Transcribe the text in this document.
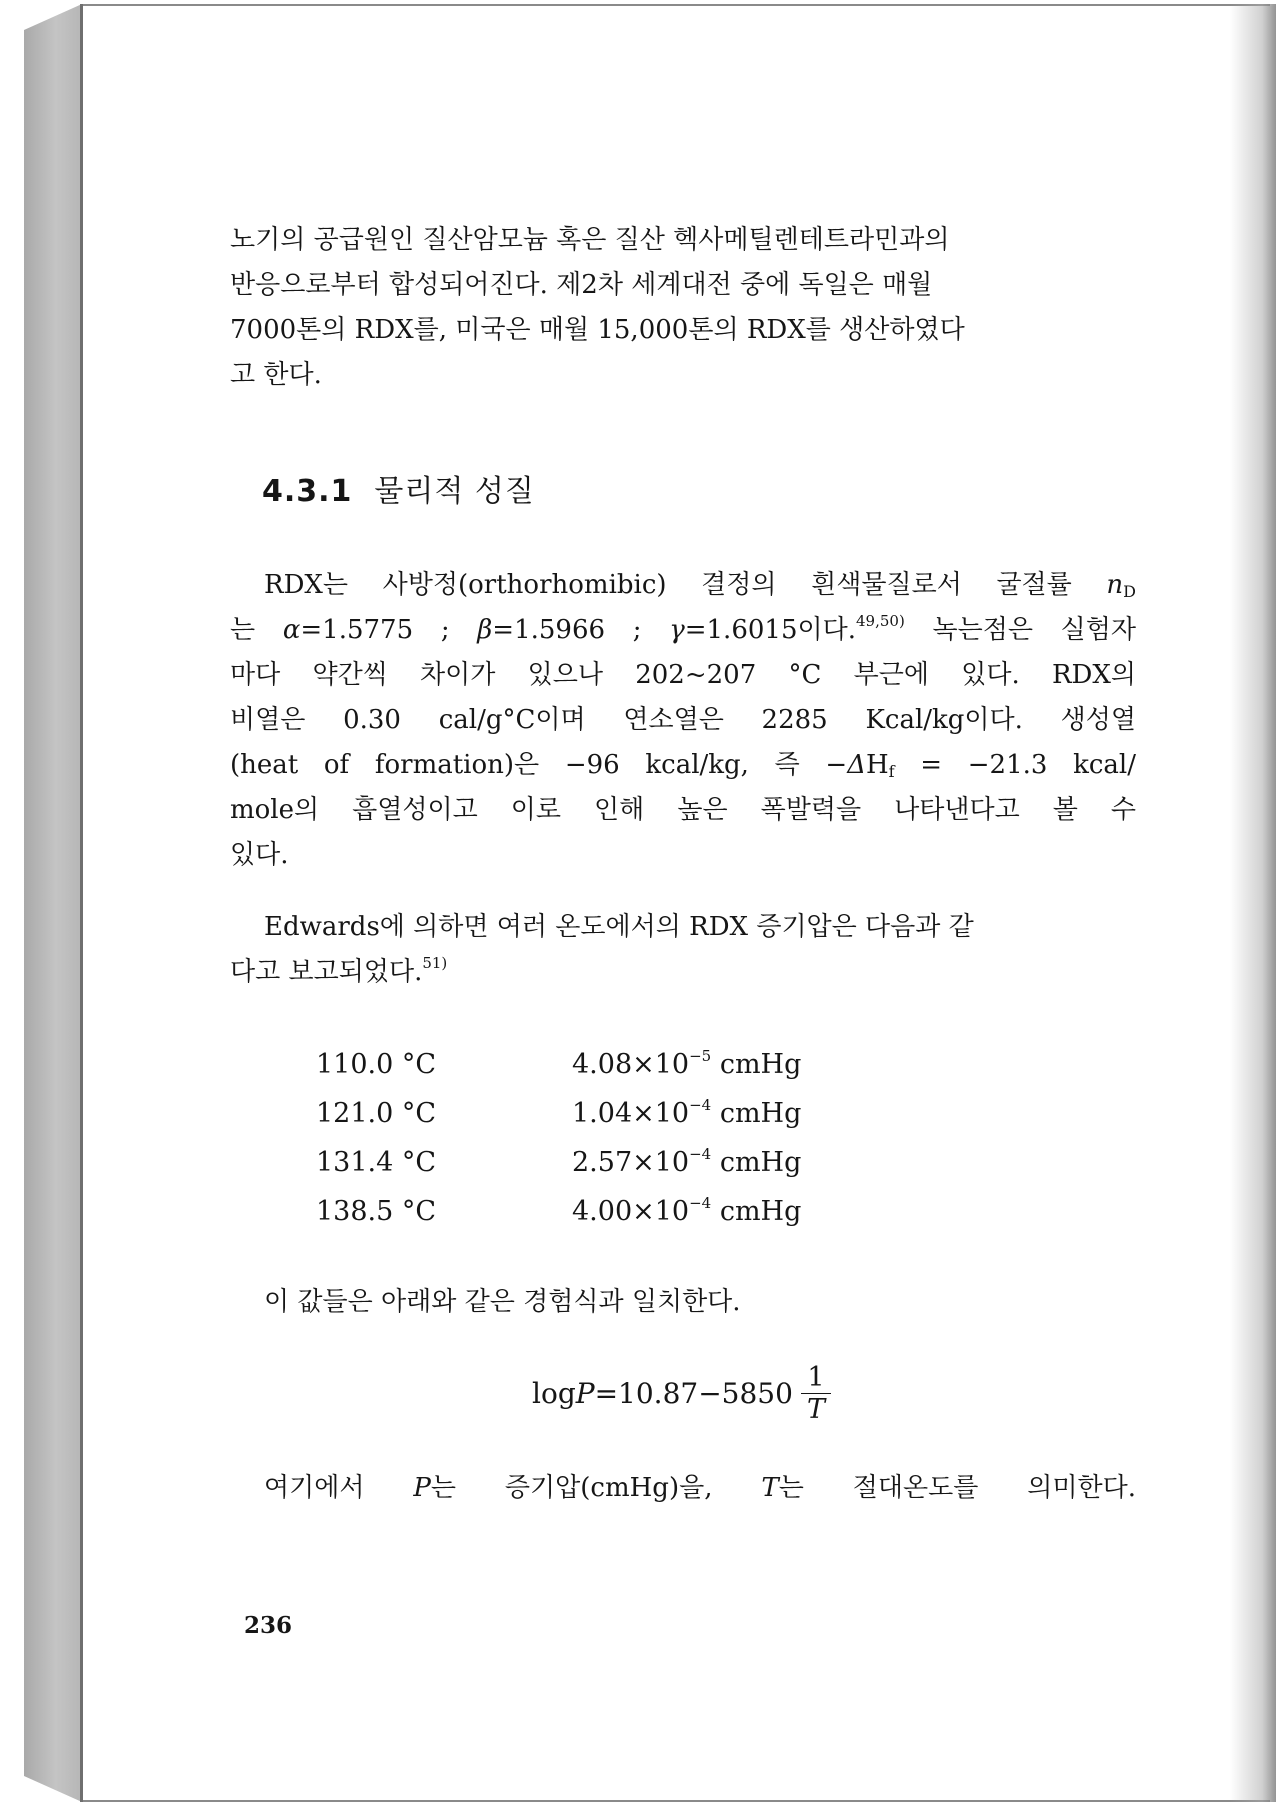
노기의 공급원인 질산암모늄 혹은 질산 헥사메틸렌테트라민과의
반응으로부터 합성되어진다. 제2차 세계대전 중에 독일은 매월
7000톤의 RDX를, 미국은 매월 15,000톤의 RDX를 생산하였다
고 한다.

4.3.1 물리적 성질

RDX는 사방정(orthorhomibic) 결정의 흰색물질로서 굴절률 $n_D$
는 α=1.5775 ; β=1.5966 ; γ=1.6015이다.$^{49,50)}$ 녹는점은 실험자
마다 약간씩 차이가 있으나 202~207 °C 부근에 있다. RDX의
비열은 0.30 cal/g°C이며 연소열은 2285 Kcal/kg이다. 생성열
(heat of formation)은 −96 kcal/kg, 즉 $-\Delta H_f = -21.3$ kcal/
mole의 흡열성이고 이로 인해 높은 폭발력을 나타낸다고 볼 수
있다.

Edwards에 의하면 여러 온도에서의 RDX 증기압은 다음과 같
다고 보고되었다.$^{51)}$

110.0 °C	$4.08\times 10^{-5}$ cmHg
121.0 °C	$1.04\times 10^{-4}$ cmHg
131.4 °C	$2.57\times 10^{-4}$ cmHg
138.5 °C	$4.00\times 10^{-4}$ cmHg

이 값들은 아래와 같은 경험식과 일치한다.

$\log P =10.87-5850 \frac{1}{T}$

여기에서 P는 증기압(cmHg)을, T는 절대온도를 의미한다.

236
